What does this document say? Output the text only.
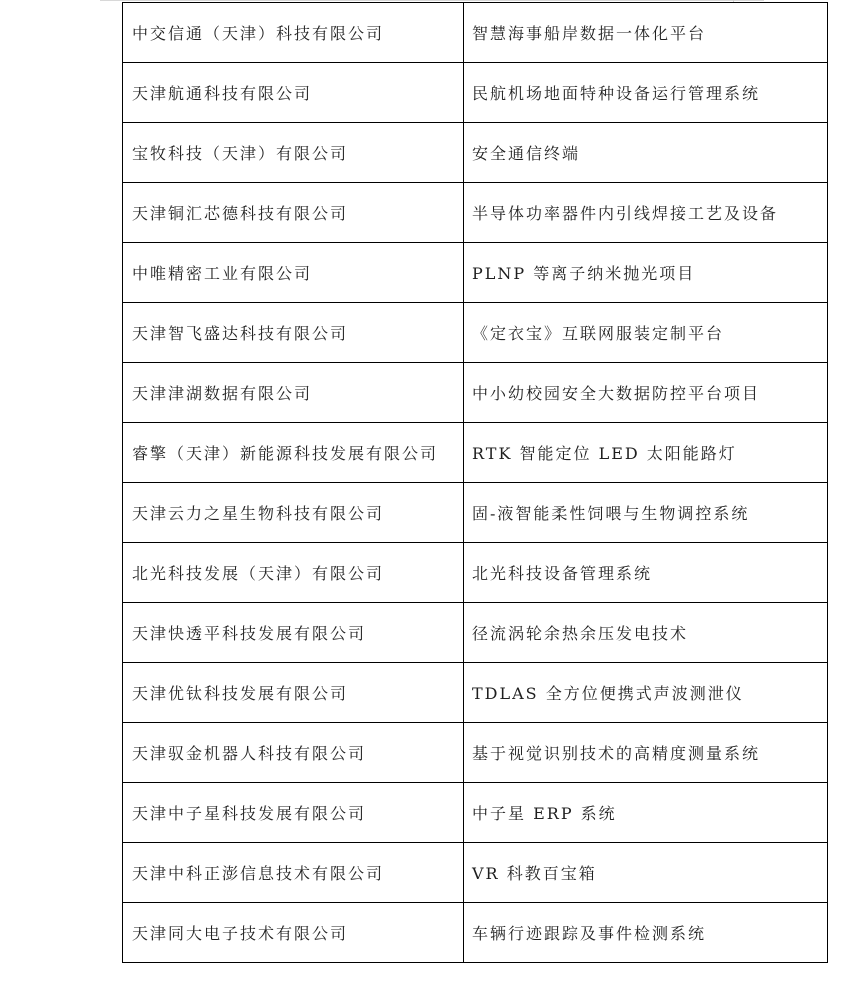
中交信通（天津）科技有限公司	智慧海事船岸数据一体化平台
天津航通科技有限公司	民航机场地面特种设备运行管理系统
宝牧科技（天津）有限公司	安全通信终端
天津铜汇芯德科技有限公司	半导体功率器件内引线焊接工艺及设备
中唯精密工业有限公司	PLNP 等离子纳米抛光项目
天津智飞盛达科技有限公司	《定衣宝》互联网服装定制平台
天津津湖数据有限公司	中小幼校园安全大数据防控平台项目
睿擎（天津）新能源科技发展有限公司	RTK 智能定位 LED 太阳能路灯
天津云力之星生物科技有限公司	固-液智能柔性饲喂与生物调控系统
北光科技发展（天津）有限公司	北光科技设备管理系统
天津快透平科技发展有限公司	径流涡轮余热余压发电技术
天津优钛科技发展有限公司	TDLAS 全方位便携式声波测泄仪
天津驭金机器人科技有限公司	基于视觉识别技术的高精度测量系统
天津中子星科技发展有限公司	中子星 ERP 系统
天津中科正澎信息技术有限公司	VR 科教百宝箱
天津同大电子技术有限公司	车辆行迹跟踪及事件检测系统
